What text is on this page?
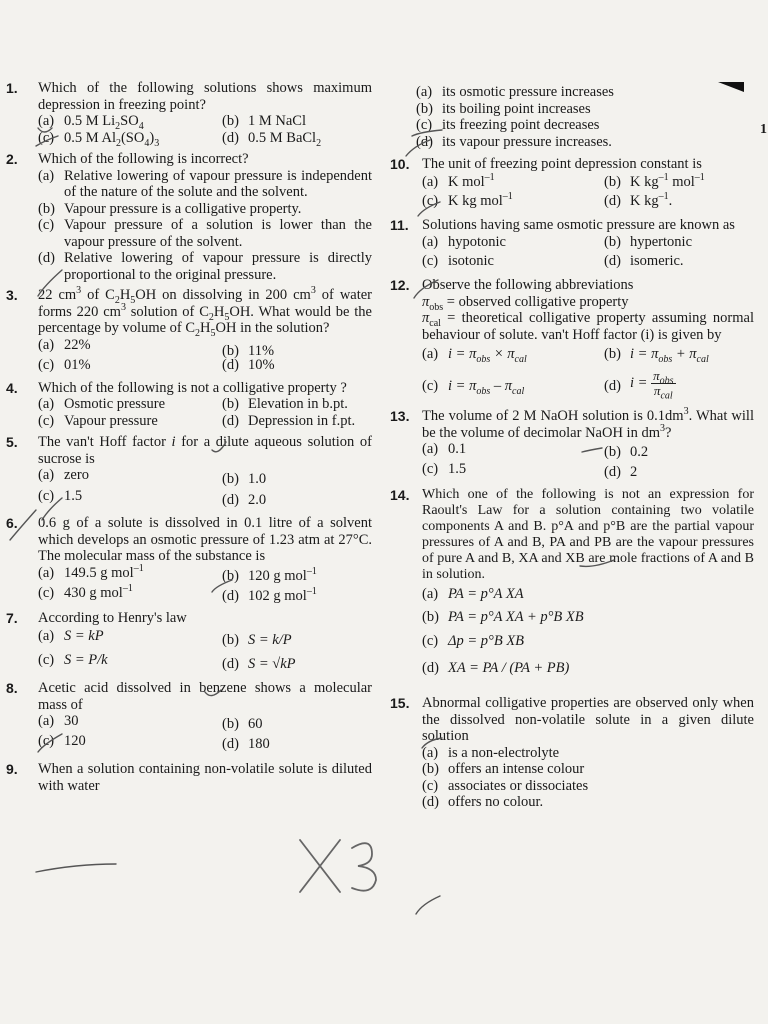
1. Which of the following solutions shows maximum depression in freezing point?
(a) 0.5 M $Li_2SO_4$	(b) 1 M NaCl
(c) 0.5 M $Al_2(SO_4)_3$	(d) 0.5 M BaCl$_2$
2. Which of the following is incorrect?
(a) Relative lowering of vapour pressure is independent of the nature of the solute and the solvent.
(b) Vapour pressure is a colligative property.
(c) Vapour pressure of a solution is lower than the vapour pressure of the solvent.
(d) Relative lowering of vapour pressure is directly proportional to the original pressure.
3. 22 $cm^3$ of $C_2H_5OH$ on dissolving in 200 $cm^3$ of water forms 220 $cm^3$ solution of $C_2H_5OH$. What would be the percentage by volume of $C_2H_5OH$ in the solution?
(a) 22%	(b) 11%
(c) 01%	(d) 10%
4. Which of the following is not a colligative property ?
(a) Osmotic pressure	(b) Elevation in b.pt.
(c) Vapour pressure	(d) Depression in f.pt.
5. The van't Hoff factor i for a dilute aqueous solution of sucrose is
(a) zero	(b) 1.0
(c) 1.5	(d) 2.0
6. 0.6 g of a solute is dissolved in 0.1 litre of a solvent which develops an osmotic pressure of 1.23 atm at 27°C. The molecular mass of the substance is
(a) 149.5 g mol$^{-1}$	(b) 120 g mol$^{-1}$
(c) 430 g mol$^{-1}$	(d) 102 g mol$^{-1}$
7. According to Henry's law
(a) S = kP	(b) S = k/P
(c) S = P/k	(d) S = √kP
8. Acetic acid dissolved in benzene shows a molecular mass of
(a) 30	(b) 60
(c) 120	(d) 180
9. When a solution containing non-volatile solute is diluted with water
(a) its osmotic pressure increases
(b) its boiling point increases
(c) its freezing point decreases
(d) its vapour pressure increases.
10. The unit of freezing point depression constant is
(a) K mol$^{-1}$	(b) K $kg^{-1}$ mol$^{-1}$
(c) K kg mol$^{-1}$	(d) K $kg^{-1}$.
11. Solutions having same osmotic pressure are known as
(a) hypotonic	(b) hypertonic
(c) isotonic	(d) isomeric.
12. Observe the following abbreviations
$\pi_{obs}$ = observed colligative property
$\pi_{cal}$ = theoretical colligative property assuming normal behaviour of solute. van't Hoff factor (i) is given by
(a) $i = \pi_{obs} \times \pi_{cal}$	(b) $i = \pi_{obs} + \pi_{cal}$
(c) $i = \pi_{obs} - \pi_{cal}$	(d) $i = \frac{\pi_{obs}}{\pi_{cal}}$
13. The volume of 2 M NaOH solution is $0.1dm^3$. What will be the volume of decimolar NaOH in $dm^3$?
(a) 0.1	(b) 0.2
(c) 1.5	(d) 2
14. Which one of the following is not an expression for Raoult's Law for a solution containing two volatile components A and B. p°A and p°B are the partial vapour pressures of A and B, PA and PB are the vapour pressures of pure A and B, XA and XB are mole fractions of A and B in solution.
(a) PA = p°A XA
(b) PA = p°A XA + p°B XB
(c) Δp = p°B XB
(d) XA = PA / (PA + PB)
15. Abnormal colligative properties are observed only when the dissolved non-volatile solute in a given dilute solution
(a) is a non-electrolyte
(b) offers an intense colour
(c) associates or dissociates
(d) offers no colour.
1
